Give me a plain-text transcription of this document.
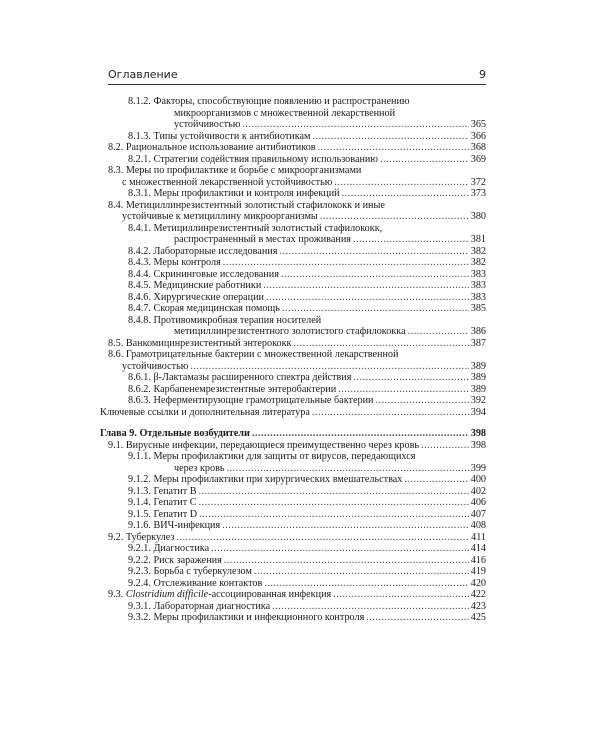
Оглавление	9
8.1.2. Факторы, способствующие появлению и распространению
микроорганизмов с множественной лекарственной
устойчивостью .....	365
8.1.3. Типы устойчивости к антибиотикам .....	366
8.2. Рациональное использование антибиотиков .....	368
8.2.1. Стратегии содействия правильному использованию .....	369
8.3. Меры по профилактике и борьбе с микроорганизмами
с множественной лекарственной устойчивостью .....	372
8.3.1. Меры профилактики и контроля инфекций .....	373
8.4. Метициллинрезистентный золотистый стафилококк и иные
устойчивые к метициллину микроорганизмы .....	380
8.4.1. Метициллинрезистентный золотистый стафилококк,
распространенный в местах проживания .....	381
8.4.2. Лабораторные исследования .....	382
8.4.3. Меры контроля .....	382
8.4.4. Скрининговые исследования .....	383
8.4.5. Медицинские работники .....	383
8.4.6. Хирургические операции .....	383
8.4.7. Скорая медицинская помощь .....	385
8.4.8. Противомикробная терапия носителей
метициллинрезистентного золотистого стафилококка .....	386
8.5. Ванкомицинрезистентный энтерококк .....	387
8.6. Грамотрицательные бактерии с множественной лекарственной
устойчивостью .....	389
8.6.1. β-Лактамазы расширенного спектра действия .....	389
8.6.2. Карбапенемрезистентные энтеробактерии .....	389
8.6.3. Неферментирующие грамотрицательные бактерии .....	392
Ключевые ссылки и дополнительная литература .....	394
Глава 9. Отдельные возбудители .....	398
9.1. Вирусные инфекции, передающиеся преимущественно через кровь .....	398
9.1.1. Меры профилактики для защиты от вирусов, передающихся
через кровь .....	399
9.1.2. Меры профилактики при хирургических вмешательствах .....	400
9.1.3. Гепатит B .....	402
9.1.4. Гепатит C .....	406
9.1.5. Гепатит D .....	407
9.1.6. ВИЧ-инфекция .....	408
9.2. Туберкулез .....	411
9.2.1. Диагностика .....	414
9.2.2. Риск заражения .....	416
9.2.3. Борьба с туберкулезом .....	419
9.2.4. Отслеживание контактов .....	420
9.3. Clostridium difficile-ассоциированная инфекция .....	422
9.3.1. Лабораторная диагностика .....	423
9.3.2. Меры профилактики и инфекционного контроля .....	425
